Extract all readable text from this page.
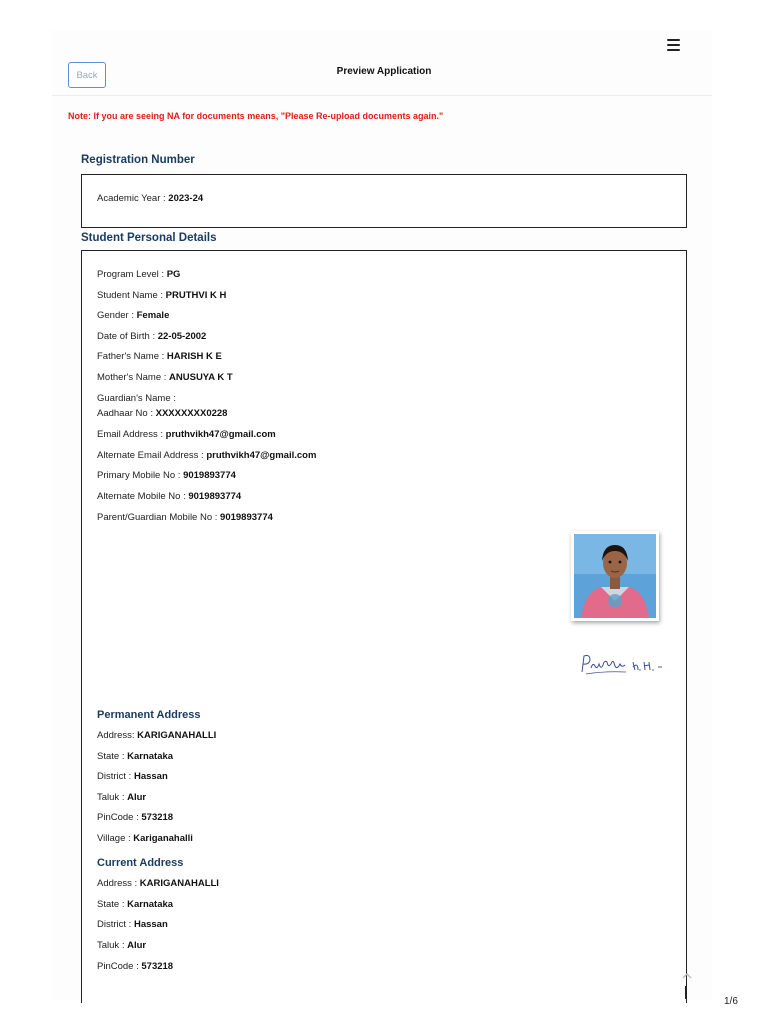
Back	Preview Application
Note: If you are seeing NA for documents means, "Please Re-upload documents again."
Registration Number
Academic Year : 2023-24
Student Personal Details
Program Level : PG
Student Name : PRUTHVI K H
Gender : Female
Date of Birth : 22-05-2002
Father's Name : HARISH K E
Mother's Name : ANUSUYA K T
Guardian's Name :
Aadhaar No : XXXXXXXX0228
Email Address : pruthvikh47@gmail.com
Alternate Email Address : pruthvikh47@gmail.com
Primary Mobile No : 9019893774
Alternate Mobile No : 9019893774
Parent/Guardian Mobile No : 9019893774
Permanent Address
Address: KARIGANAHALLI
State : Karnataka
District : Hassan
Taluk : Alur
PinCode : 573218
Village : Kariganahalli
Current Address
Address : KARIGANAHALLI
State : Karnataka
District : Hassan
Taluk : Alur
PinCode : 573218
1/6
